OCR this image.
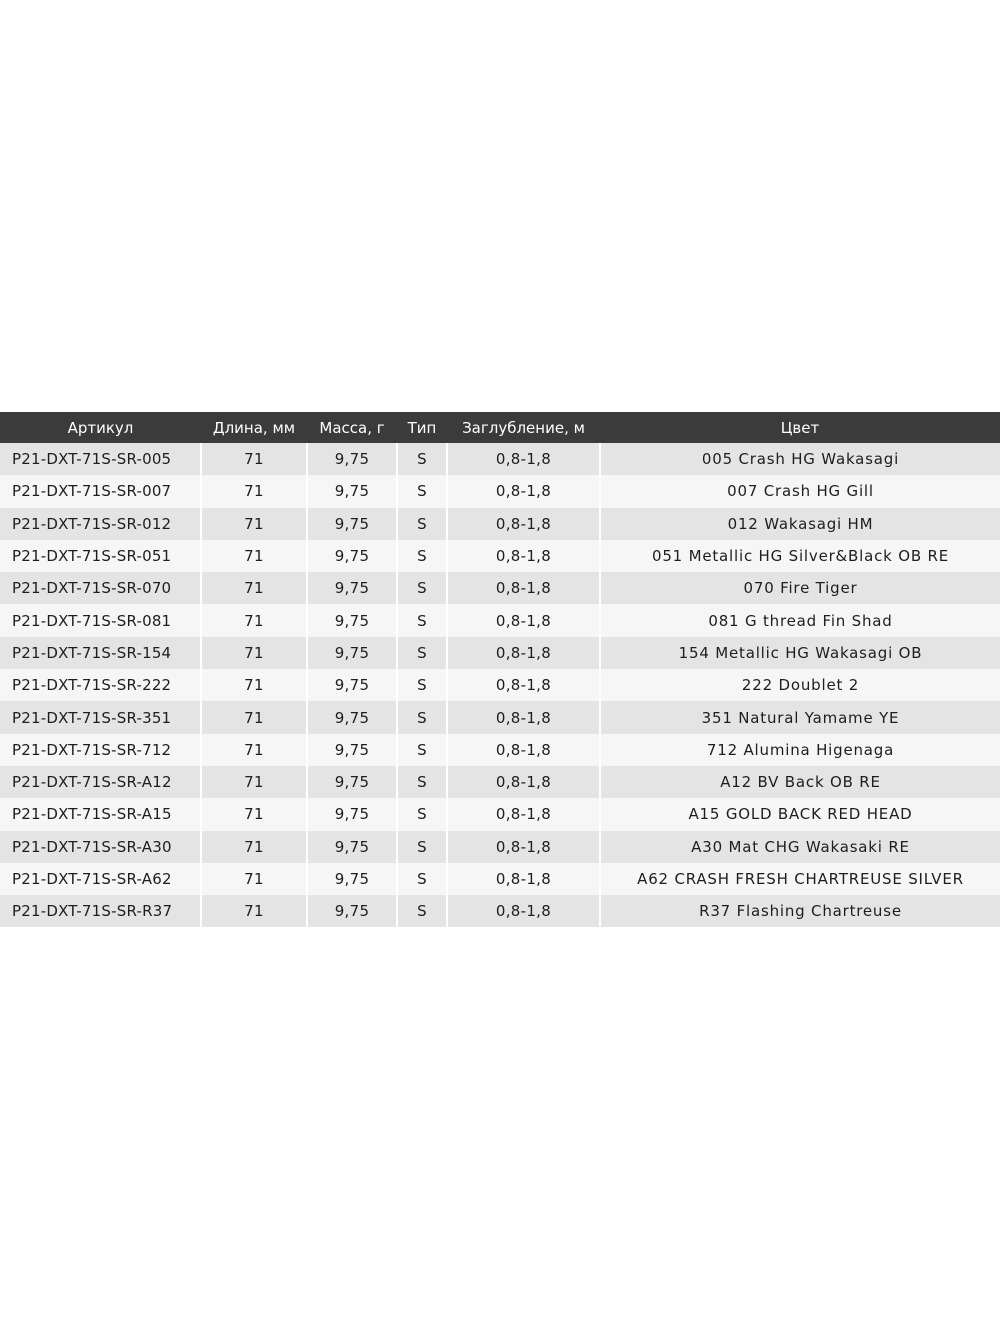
Артикул	Длина, мм	Масса, г	Тип	Заглубление, м	Цвет
P21-DXT-71S-SR-005	71	9,75	S	0,8-1,8	005 Crash HG Wakasagi
P21-DXT-71S-SR-007	71	9,75	S	0,8-1,8	007 Crash HG Gill
P21-DXT-71S-SR-012	71	9,75	S	0,8-1,8	012 Wakasagi HM
P21-DXT-71S-SR-051	71	9,75	S	0,8-1,8	051 Metallic HG Silver&Black OB RE
P21-DXT-71S-SR-070	71	9,75	S	0,8-1,8	070 Fire Tiger
P21-DXT-71S-SR-081	71	9,75	S	0,8-1,8	081 G thread Fin Shad
P21-DXT-71S-SR-154	71	9,75	S	0,8-1,8	154 Metallic HG Wakasagi OB
P21-DXT-71S-SR-222	71	9,75	S	0,8-1,8	222 Doublet 2
P21-DXT-71S-SR-351	71	9,75	S	0,8-1,8	351 Natural Yamame YE
P21-DXT-71S-SR-712	71	9,75	S	0,8-1,8	712 Alumina Higenaga
P21-DXT-71S-SR-A12	71	9,75	S	0,8-1,8	A12 BV Back OB RE
P21-DXT-71S-SR-A15	71	9,75	S	0,8-1,8	A15 GOLD BACK RED HEAD
P21-DXT-71S-SR-A30	71	9,75	S	0,8-1,8	A30 Mat CHG Wakasaki RE
P21-DXT-71S-SR-A62	71	9,75	S	0,8-1,8	A62 CRASH FRESH CHARTREUSE SILVER
P21-DXT-71S-SR-R37	71	9,75	S	0,8-1,8	R37 Flashing Chartreuse
